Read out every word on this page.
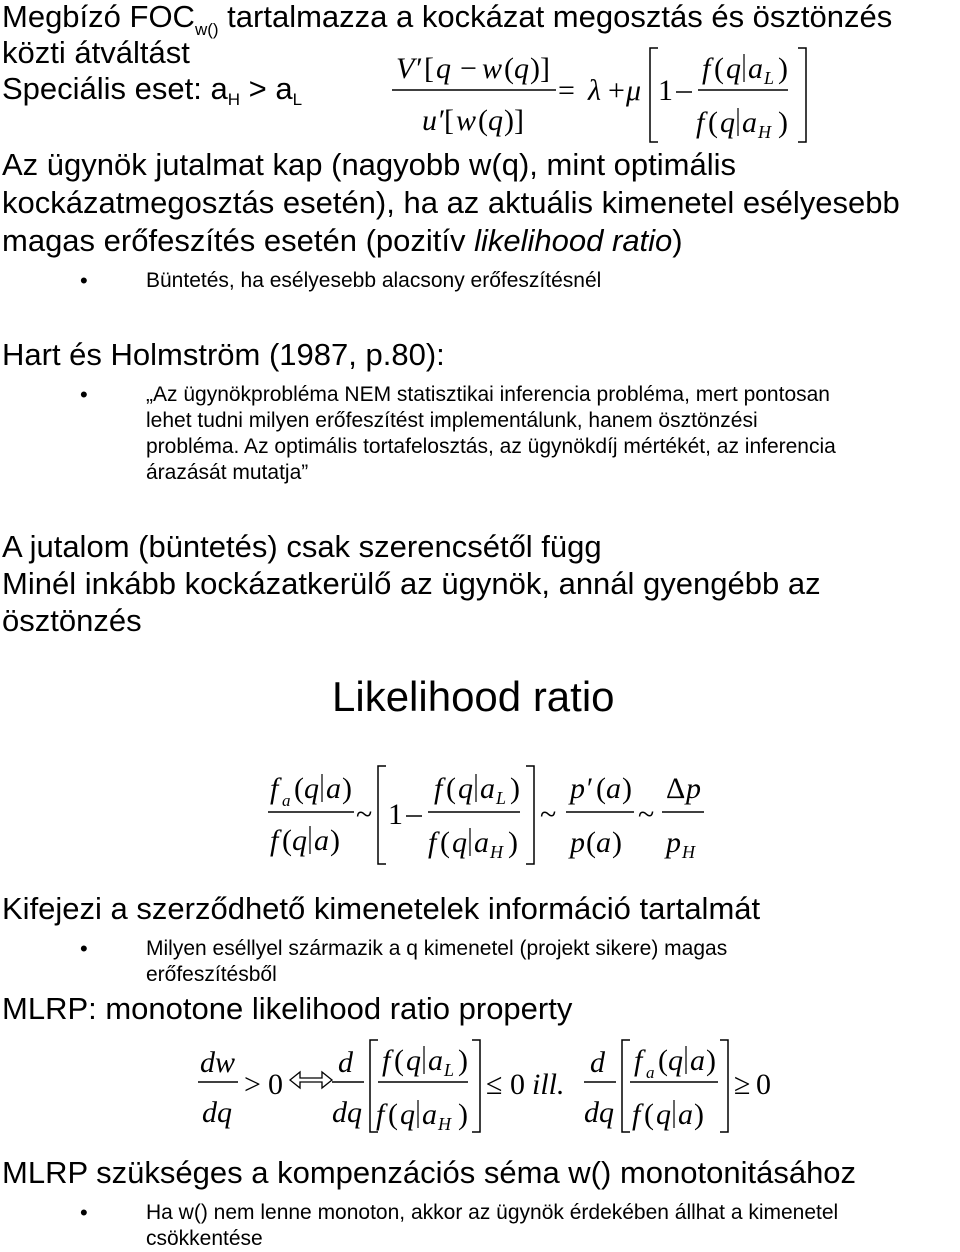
Megbízó $FOC_{w()}$ tartalmazza a kockázat megosztás és ösztönzés
közti átváltást
Speciális eset: aH > aL
V′ [ q − w ( q )]
u′ [ w ( q )]
= λ + μ 1
f ( q a L )
f ( q a H )
Az ügynök jutalmat kap (nagyobb w(q), mint optimális
kockázatmegosztás esetén), ha az aktuális kimenetel esélyesebb
magas erőfeszítés esetén (pozitív likelihood ratio)
•	Büntetés, ha esélyesebb alacsony erőfeszítésnél
Hart és Holmström (1987, p.80):
•	„Az ügynökprobléma NEM statisztikai inferencia probléma, mert pontosan
lehet tudni milyen erőfeszítést implementálunk, hanem ösztönzési
probléma. Az optimális tortafelosztás, az ügynökdíj mértékét, az inferencia
árazását mutatja”
A jutalom (büntetés) csak szerencsétől függ
Minél inkább kockázatkerülő az ügynök, annál gyengébb az
ösztönzés
Likelihood ratio
f a ( q a )
f ( q a )
~ 1
f ( q a L )
f ( q a H )
~
p′ ( a )
p ( a )
~
Δ p
p H
Kifejezi a szerződhető kimenetelek információ tartalmát
•	Milyen eséllyel származik a q kimenetel (projekt sikere) magas
erőfeszítésből
MLRP: monotone likelihood ratio property
dw
dq
> 0
d
dq
f ( q a L )
f ( q a H )
≤ 0 ill.
d
dq
f a ( q a )
f ( q a )
≥ 0
MLRP szükséges a kompenzációs séma w() monotonitásához
•	Ha w() nem lenne monoton, akkor az ügynök érdekében állhat a kimenetel
csökkentése
